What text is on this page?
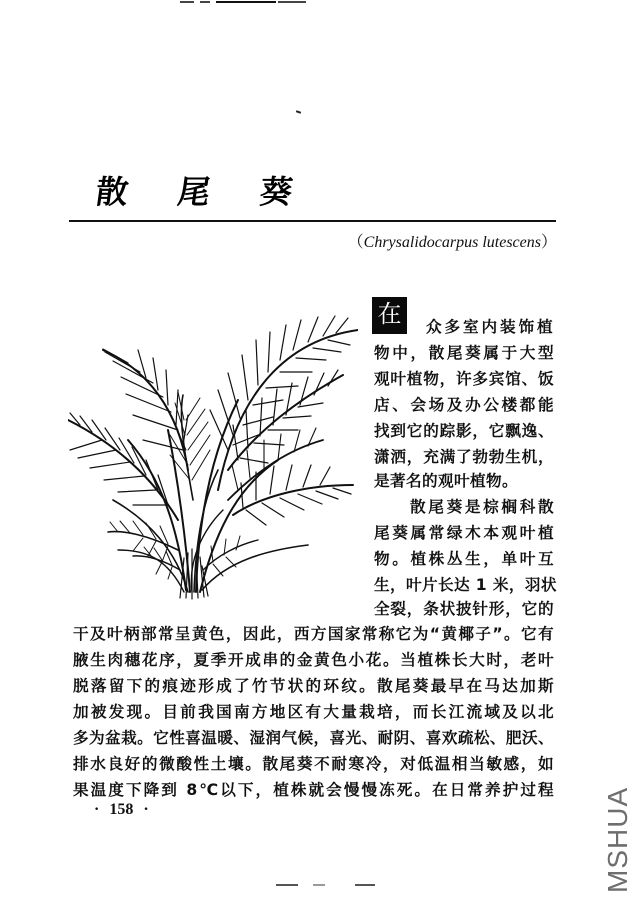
散	尾	葵
（Chrysalidocarpus lutescens）
在	众多室内装饰植
物中，散尾葵属于大型
观叶植物，许多宾馆、饭
店、会场及办公楼都能
找到它的踪影，它飘逸、
潇洒，充满了勃勃生机，
是著名的观叶植物。
散尾葵是棕榈科散
尾葵属常绿木本观叶植
物。植株丛生，单叶互
生，叶片长达 1 米，羽状
全裂，条状披针形，它的
干及叶柄部常呈黄色，因此，西方国家常称它为“黄椰子”。它有
腋生肉穗花序，夏季开成串的金黄色小花。当植株长大时，老叶
脱落留下的痕迹形成了竹节状的环纹。散尾葵最早在马达加斯
加被发现。目前我国南方地区有大量栽培，而长江流域及以北
多为盆栽。它性喜温暖、湿润气候，喜光、耐阴、喜欢疏松、肥沃、
排水良好的微酸性土壤。散尾葵不耐寒冷，对低温相当敏感，如
果温度下降到 8℃以下，植株就会慢慢冻死。在日常养护过程
· 158 ·	MSHUA
